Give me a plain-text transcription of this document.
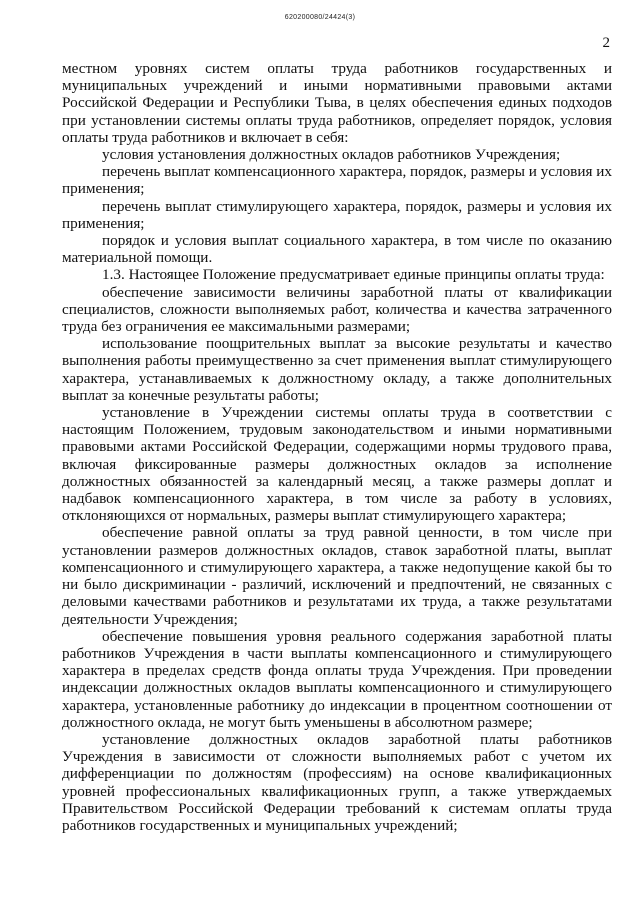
620200080/24424(3)
2

местном уровнях систем оплаты труда работников государственных и муниципальных учреждений и иными нормативными правовыми актами Российской Федерации и Республики Тыва, в целях обеспечения единых подходов при установлении системы оплаты труда работников, определяет порядок, условия оплаты труда работников и включает в себя:

условия установления должностных окладов работников Учреждения;

перечень выплат компенсационного характера, порядок, размеры и условия их применения;

перечень выплат стимулирующего характера, порядок, размеры и условия их применения;

порядок и условия выплат социального характера, в том числе по оказанию материальной помощи.

1.3. Настоящее Положение предусматривает единые принципы оплаты труда:

обеспечение зависимости величины заработной платы от квалификации специалистов, сложности выполняемых работ, количества и качества затраченного труда без ограничения ее максимальными размерами;

использование поощрительных выплат за высокие результаты и качество выполнения работы преимущественно за счет применения выплат стимулирующего характера, устанавливаемых к должностному окладу, а также дополнительных выплат за конечные результаты работы;

установление в Учреждении системы оплаты труда в соответствии с настоящим Положением, трудовым законодательством и иными нормативными правовыми актами Российской Федерации, содержащими нормы трудового права, включая фиксированные размеры должностных окладов за исполнение должностных обязанностей за календарный месяц, а также размеры доплат и надбавок компенсационного характера, в том числе за работу в условиях, отклоняющихся от нормальных, размеры выплат стимулирующего характера;

обеспечение равной оплаты за труд равной ценности, в том числе при установлении размеров должностных окладов, ставок заработной платы, выплат компенсационного и стимулирующего характера, а также недопущение какой бы то ни было дискриминации - различий, исключений и предпочтений, не связанных с деловыми качествами работников и результатами их труда, а также результатами деятельности Учреждения;

обеспечение повышения уровня реального содержания заработной платы работников Учреждения в части выплаты компенсационного и стимулирующего характера в пределах средств фонда оплаты труда Учреждения. При проведении индексации должностных окладов выплаты компенсационного и стимулирующего характера, установленные работнику до индексации в процентном соотношении от должностного оклада, не могут быть уменьшены в абсолютном размере;

установление должностных окладов заработной платы работников Учреждения в зависимости от сложности выполняемых работ с учетом их дифференциации по должностям (профессиям) на основе квалификационных уровней профессиональных квалификационных групп, а также утверждаемых Правительством Российской Федерации требований к системам оплаты труда работников государственных и муниципальных учреждений;
